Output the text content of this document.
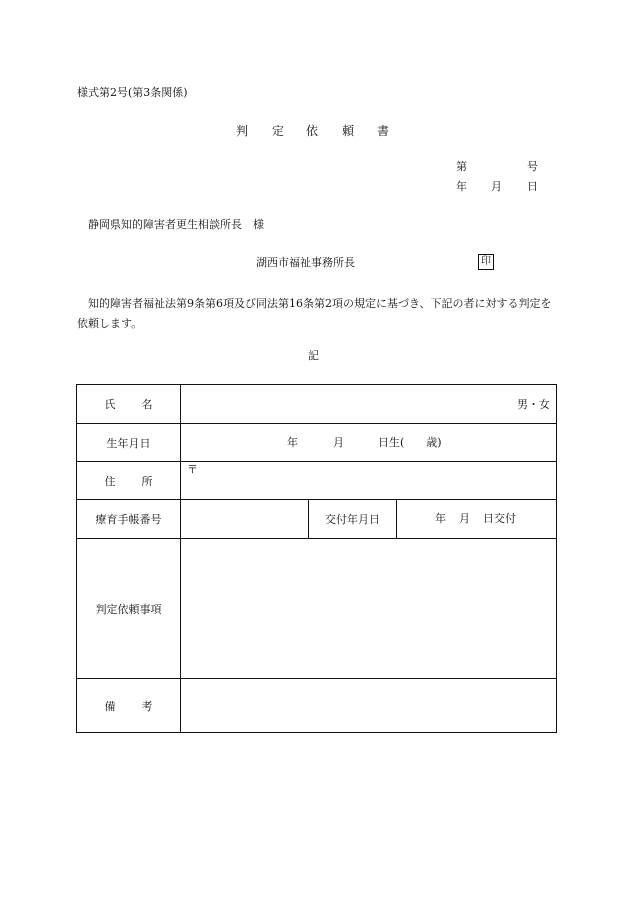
様式第2号(第3条関係)
判 定 依 頼 書
第	号
年 月 日
静岡県知的障害者更生相談所長　様
湖西市福祉事務所長	印
知的障害者福祉法第9条第6項及び同法第16条第2項の規定に基づき、下記の者に対する判定を依頼します。
記
氏 名	男・女		
生年月日	年 月 日生(　　歳)		

住 所	〒		

療育手帳番号		交付年月日	年 月 日交付

判定依頼事項			
備 考			
